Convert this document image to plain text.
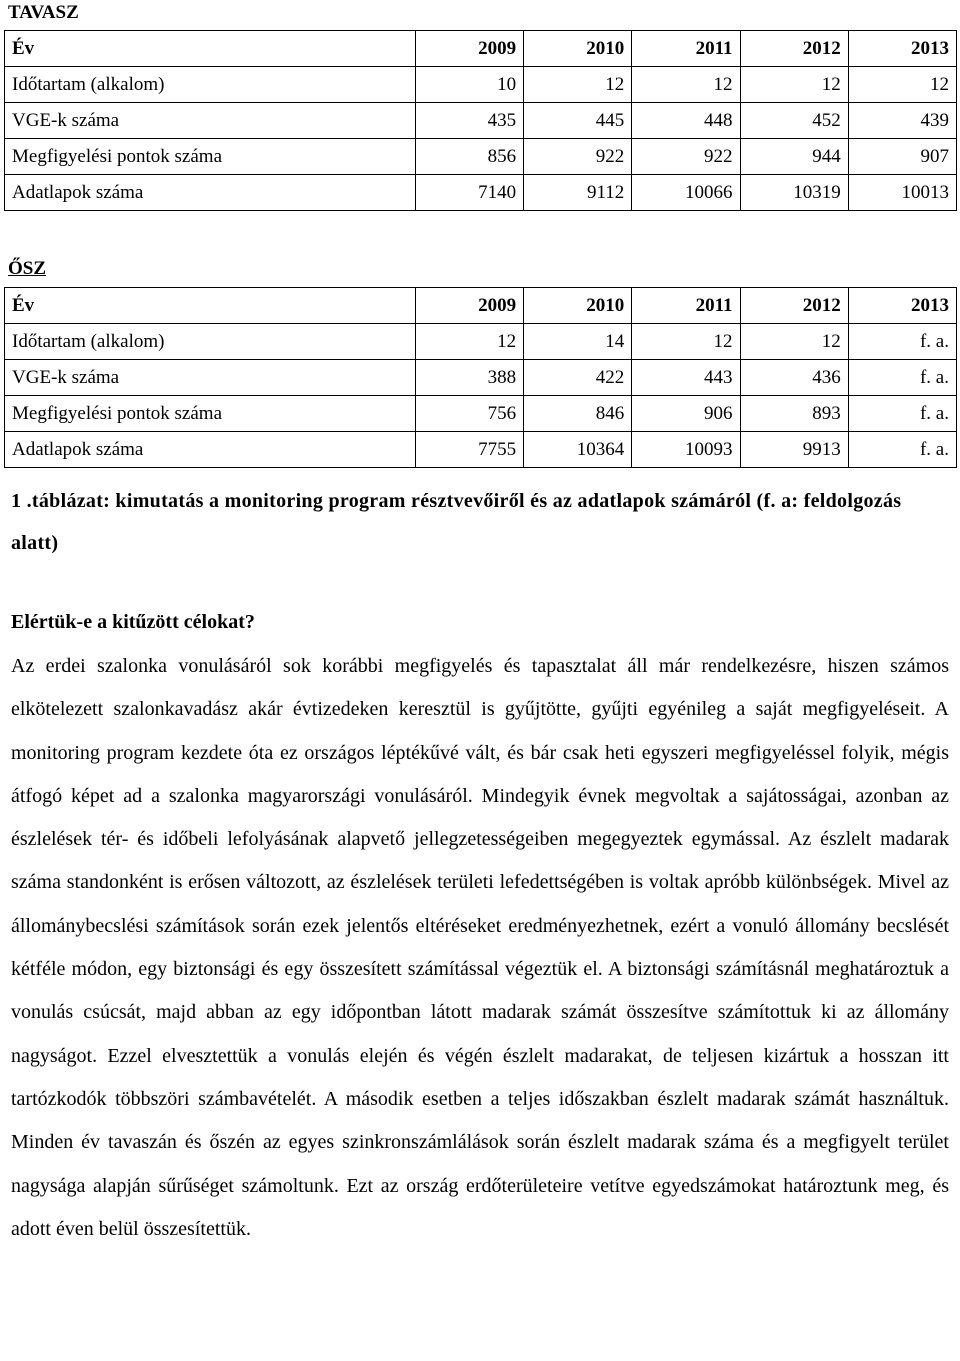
TAVASZ

Év	2009	2010	2011	2012	2013
Időtartam (alkalom)	10	12	12	12	12
VGE-k száma	435	445	448	452	439
Megfigyelési pontok száma	856	922	922	944	907
Adatlapok száma	7140	9112	10066	10319	10013

ŐSZ

Év	2009	2010	2011	2012	2013
Időtartam (alkalom)	12	14	12	12	f. a.
VGE-k száma	388	422	443	436	f. a.
Megfigyelési pontok száma	756	846	906	893	f. a.
Adatlapok száma	7755	10364	10093	9913	f. a.

1 .táblázat: kimutatás a monitoring program résztvevőiről és az adatlapok számáról (f. a: feldolgozás alatt)

Elértük-e a kitűzött célokat?

Az erdei szalonka vonulásáról sok korábbi megfigyelés és tapasztalat áll már rendelkezésre, hiszen számos elkötelezett szalonkavadász akár évtizedeken keresztül is gyűjtötte, gyűjti egyénileg a saját megfigyeléseit. A monitoring program kezdete óta ez országos léptékűvé vált, és bár csak heti egyszeri megfigyeléssel folyik, mégis átfogó képet ad a szalonka magyarországi vonulásáról. Mindegyik évnek megvoltak a sajátosságai, azonban az észlelések tér- és időbeli lefolyásának alapvető jellegzetességeiben megegyeztek egymással. Az észlelt madarak száma standonként is erősen változott, az észlelések területi lefedettségében is voltak apróbb különbségek. Mivel az állománybecslési számítások során ezek jelentős eltéréseket eredményezhetnek, ezért a vonuló állomány becslését kétféle módon, egy biztonsági és egy összesített számítással végeztük el. A biztonsági számításnál meghatároztuk a vonulás csúcsát, majd abban az egy időpontban látott madarak számát összesítve számítottuk ki az állomány nagyságot. Ezzel elvesztettük a vonulás elején és végén észlelt madarakat, de teljesen kizártuk a hosszan itt tartózkodók többszöri számbavételét. A második esetben a teljes időszakban észlelt madarak számát használtuk. Minden év tavaszán és őszén az egyes szinkronszámlálások során észlelt madarak száma és a megfigyelt terület nagysága alapján sűrűséget számoltunk. Ezt az ország erdőterületeire vetítve egyedszámokat határoztunk meg, és adott éven belül összesítettük.
